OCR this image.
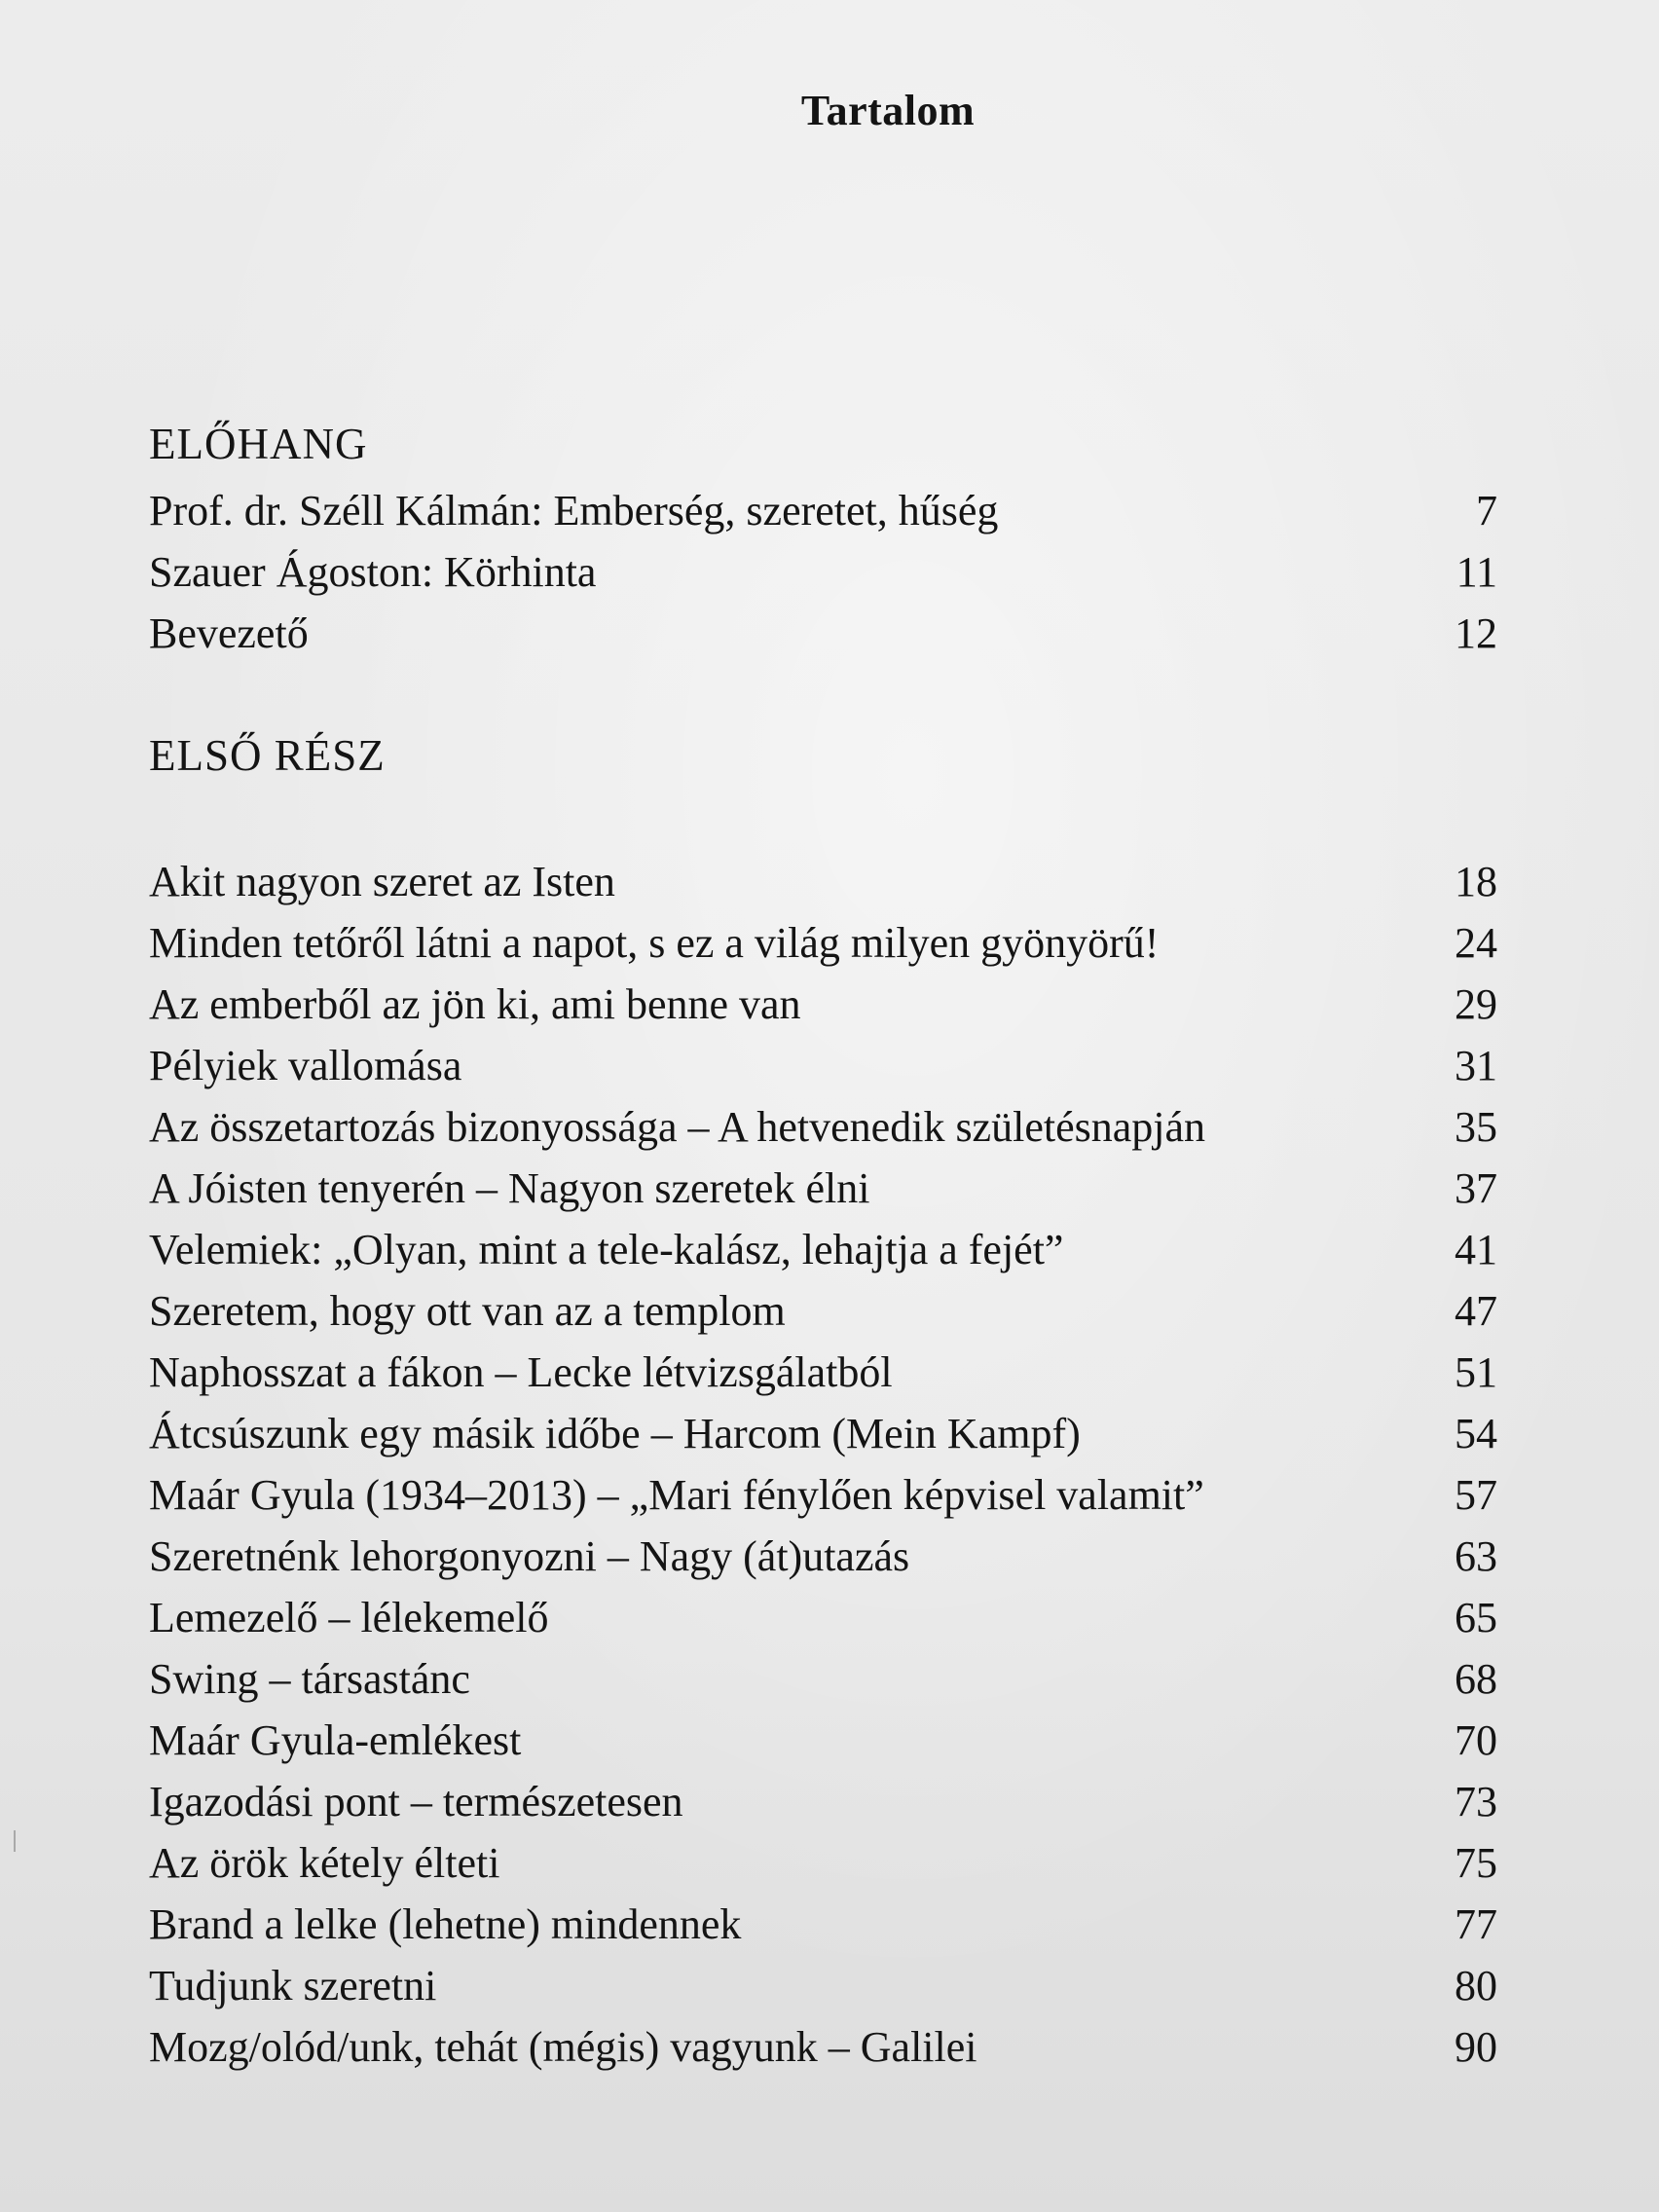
Tartalom
ELŐHANG
Prof. dr. Széll Kálmán: Emberség, szeretet, hűség	7
Szauer Ágoston: Körhinta	11
Bevezető	12
ELSŐ RÉSZ
Akit nagyon szeret az Isten	18
Minden tetőről látni a napot, s ez a világ milyen gyönyörű!	24
Az emberből az jön ki, ami benne van	29
Pélyiek vallomása	31
Az összetartozás bizonyossága – A hetvenedik születésnapján	35
A Jóisten tenyerén – Nagyon szeretek élni	37
Velemiek: „Olyan, mint a tele-kalász, lehajtja a fejét”	41
Szeretem, hogy ott van az a templom	47
Naphosszat a fákon – Lecke létvizsgálatból	51
Átcsúszunk egy másik időbe – Harcom (Mein Kampf)	54
Maár Gyula (1934–2013) – „Mari fénylően képvisel valamit”	57
Szeretnénk lehorgonyozni – Nagy (át)utazás	63
Lemezelő – lélekemelő	65
Swing – társastánc	68
Maár Gyula-emlékest	70
Igazodási pont – természetesen	73
Az örök kétely élteti	75
Brand a lelke (lehetne) mindennek	77
Tudjunk szeretni	80
Mozg/olód/unk, tehát (mégis) vagyunk – Galilei	90
